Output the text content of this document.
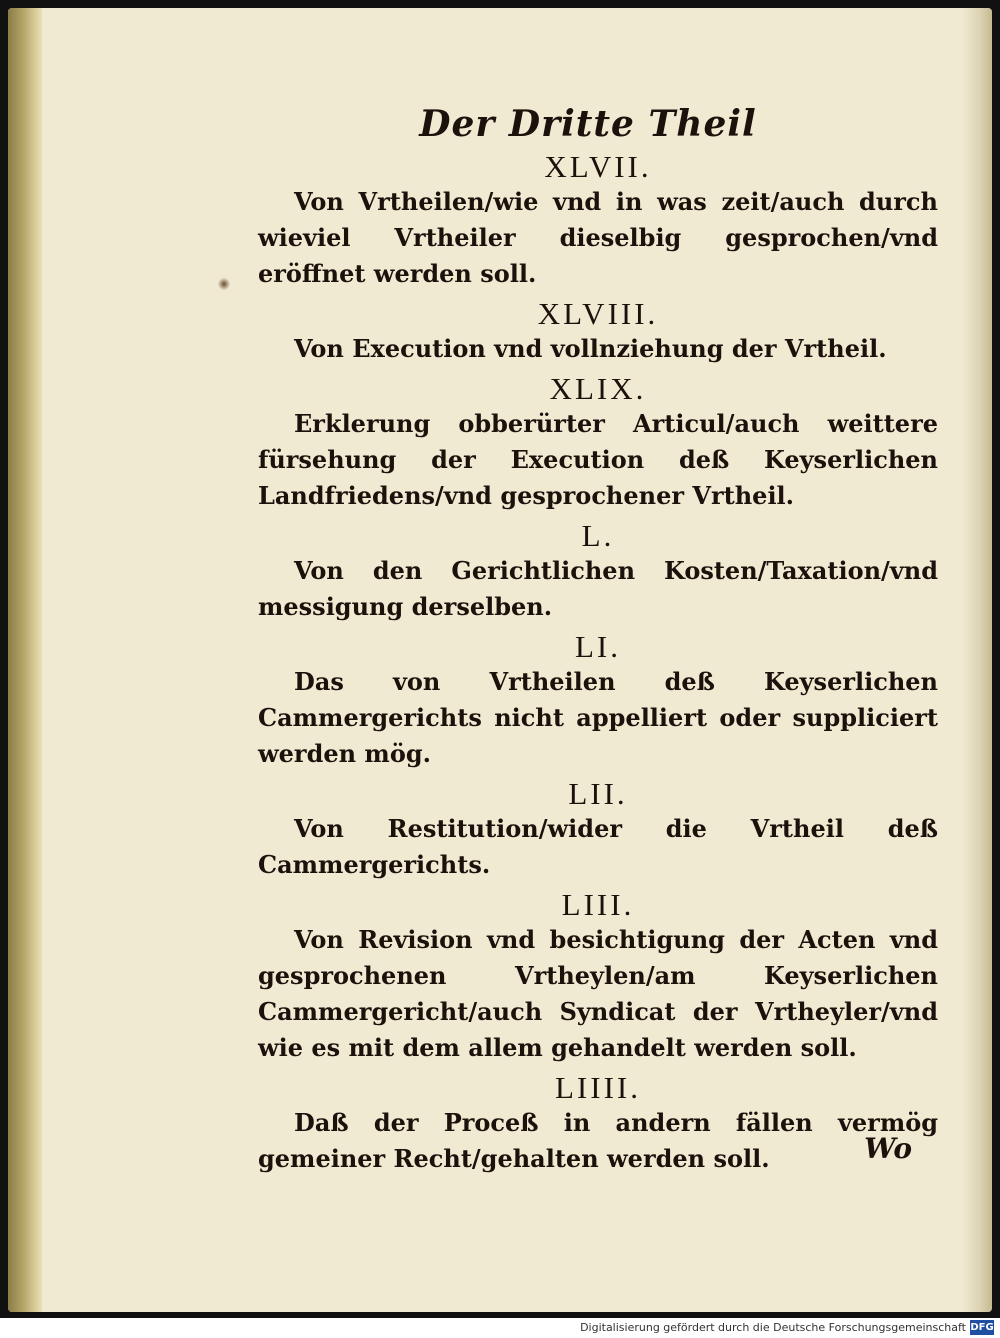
Der Dritte Theil
XLVII.

Von Vrtheilen/wie vnd in was zeit/auch durch wieviel Vrtheiler dieselbig gesprochen/vnd eröffnet werden soll.

XLVIII.

Von Execution vnd vollnziehung der Vrtheil.

XLIX.

Erklerung obberürter Articul/auch weittere fürsehung der Execution deß Keyserlichen Landfriedens/vnd gesprochener Vrtheil.

L.

Von den Gerichtlichen Kosten/Taxation/vnd messigung derselben.

LI.

Das von Vrtheilen deß Keyserlichen Cammergerichts nicht appelliert oder suppliciert werden mög.

LII.

Von Restitution/wider die Vrtheil deß Cammergerichts.

LIII.

Von Revision vnd besichtigung der Acten vnd gesprochenen Vrtheylen/am Keyserlichen Cammergericht/auch Syndicat der Vrtheyler/vnd wie es mit dem allem gehandelt werden soll.

LIIII.

Daß der Proceß in andern fällen vermög gemeiner Recht/gehalten werden soll.	Wo
Digitalisierung gefördert durch die Deutsche Forschungsgemeinschaft DFG
